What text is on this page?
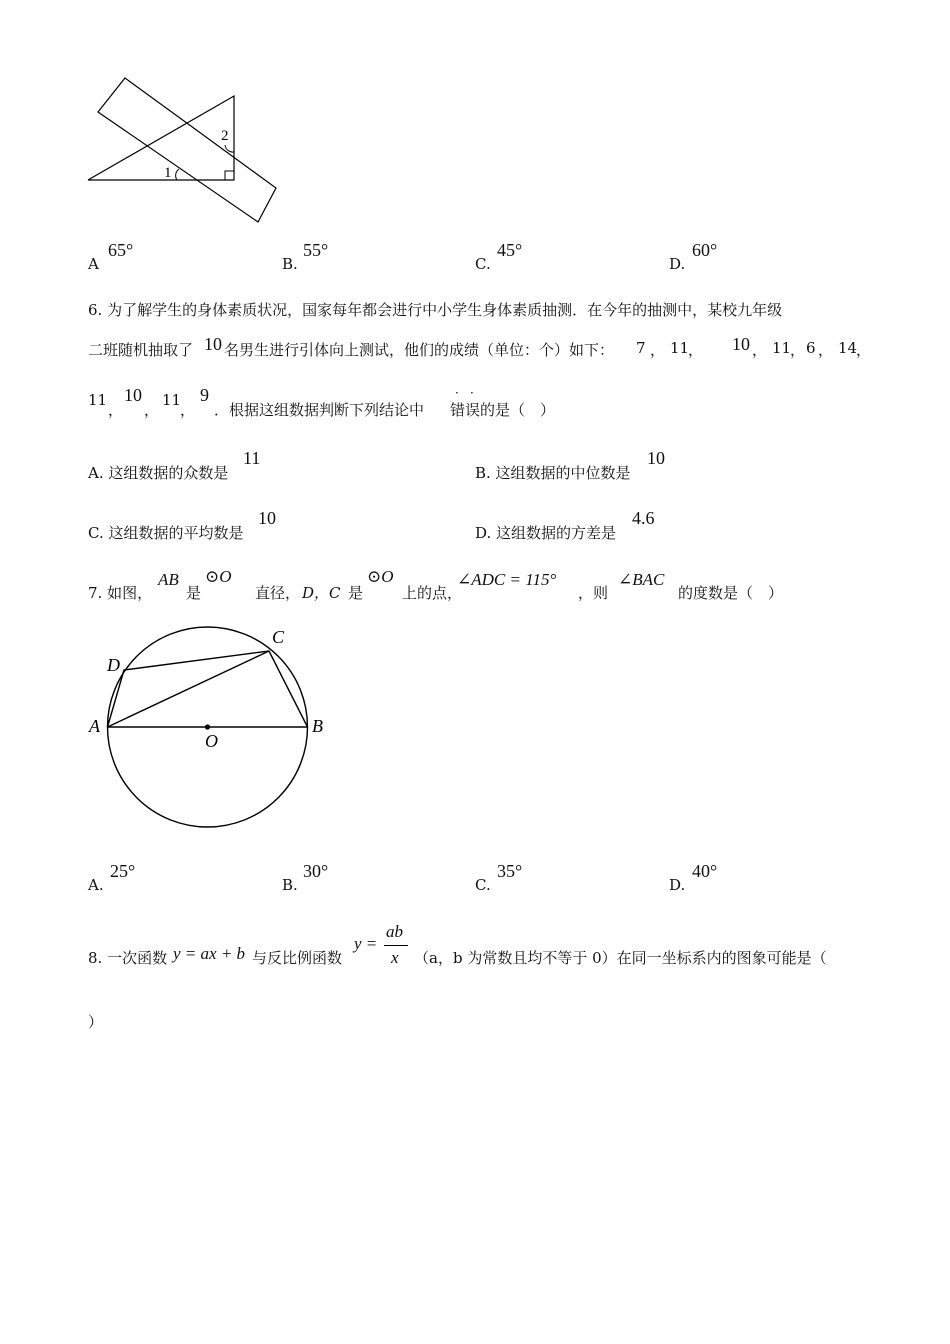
1
2
A
65°
B.
55°
C.
45°
D.
60°
6. 为了解学生的身体素质状况，国家每年都会进行中小学生身体素质抽测．在今年的抽测中，某校九年级
二班随机抽取了 10 名男生进行引体向上测试，他们的成绩（单位：个）如下： 7 ， 11
， 10 ， 11
， 6 ， 14
，
11
，
10
，
11
，
9
．根据这组数据判断下列结论中 错误
· ·
的是（　）
A. 这组数据的众数是
11
B. 这组数据的中位数是
10
C. 这组数据的平均数是
10
D. 这组数据的方差是
4.6
7. 如图，
AB
是
⊙O
直径， D，C 是
⊙O
上的点，
∠ADC = 115°
，则
∠BAC
的度数是（　）
A	B
C
D
O
A.
25°
B.
30°
C.
35°
D.
40°
8. 一次函数 y = ax + b 与反比例函数
y =
ab
x （a，b 为常数且均不等于 0）在同一坐标系内的图象可能是（
）
